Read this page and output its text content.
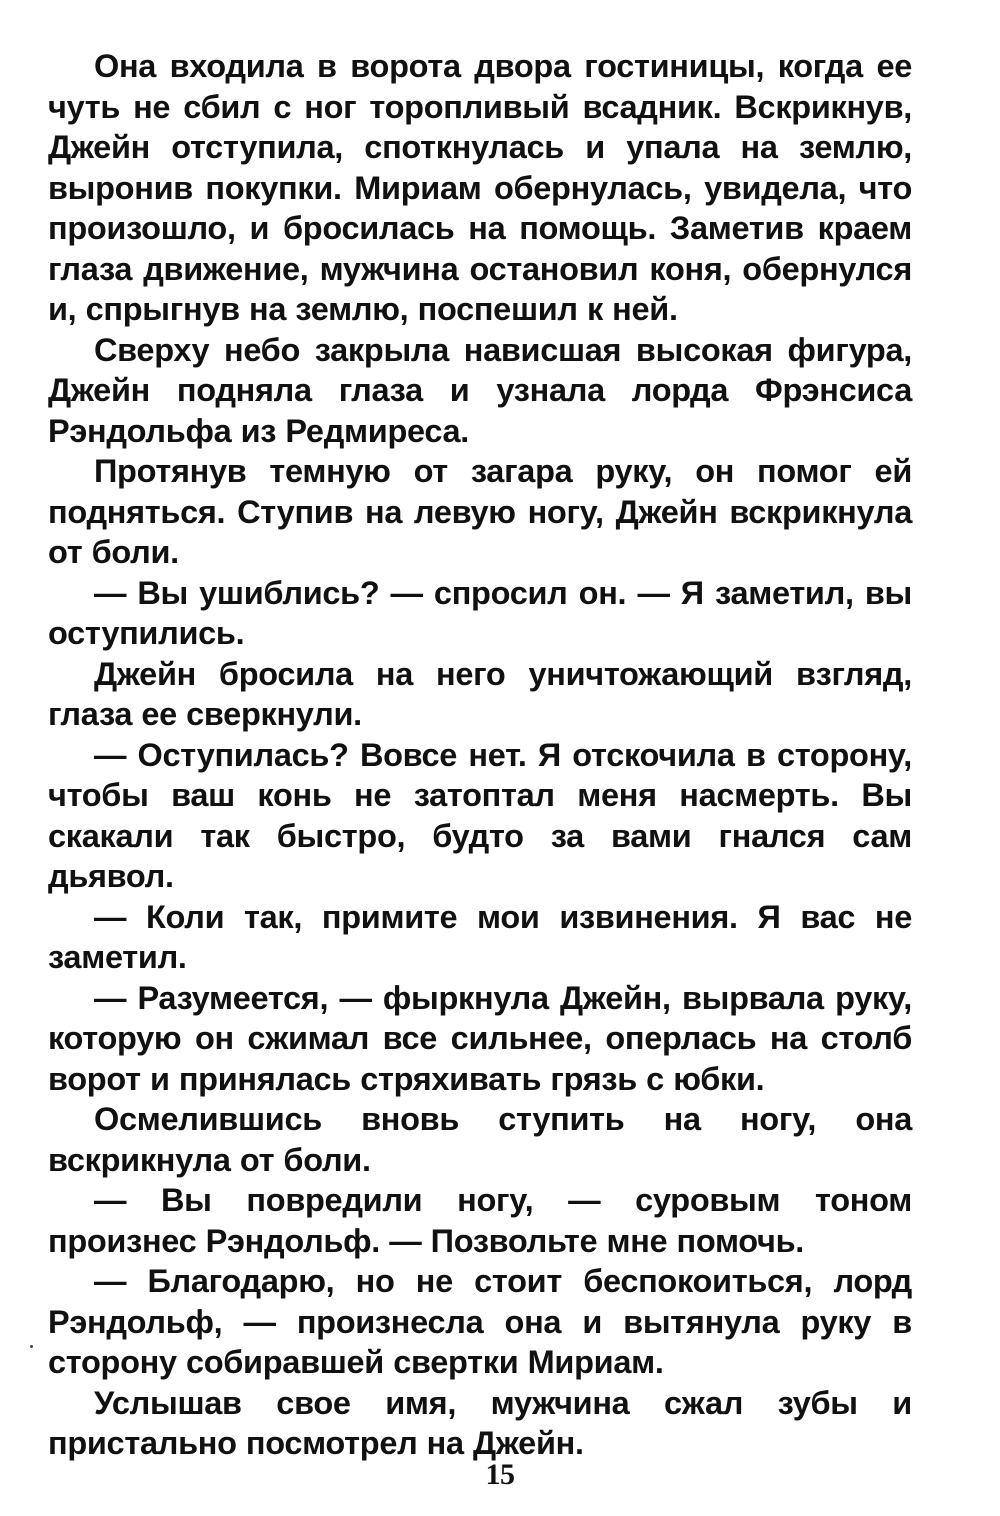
Она входила в ворота двора гостиницы, когда ее чуть не сбил с ног торопливый всадник. Вскрикнув, Джейн отступила, споткнулась и упала на землю, выронив покупки. Мириам обернулась, увидела, что произошло, и бросилась на помощь. Заметив краем глаза движение, мужчина остановил коня, обернулся и, спрыгнув на землю, поспешил к ней.

Сверху небо закрыла нависшая высокая фигура, Джейн подняла глаза и узнала лорда Фрэнсиса Рэндольфа из Редмиреса.

Протянув темную от загара руку, он помог ей подняться. Ступив на левую ногу, Джейн вскрикнула от боли.

— Вы ушиблись? — спросил он. — Я заметил, вы оступились.

Джейн бросила на него уничтожающий взгляд, глаза ее сверкнули.

— Оступилась? Вовсе нет. Я отскочила в сторону, чтобы ваш конь не затоптал меня насмерть. Вы скакали так быстро, будто за вами гнался сам дьявол.

— Коли так, примите мои извинения. Я вас не заметил.

— Разумеется, — фыркнула Джейн, вырвала руку, которую он сжимал все сильнее, оперлась на столб ворот и принялась стряхивать грязь с юбки.

Осмелившись вновь ступить на ногу, она вскрикнула от боли.

— Вы повредили ногу, — суровым тоном произнес Рэндольф. — Позвольте мне помочь.

— Благодарю, но не стоит беспокоиться, лорд Рэндольф, — произнесла она и вытянула руку в сторону собиравшей свертки Мириам.

Услышав свое имя, мужчина сжал зубы и пристально посмотрел на Джейн.

15
